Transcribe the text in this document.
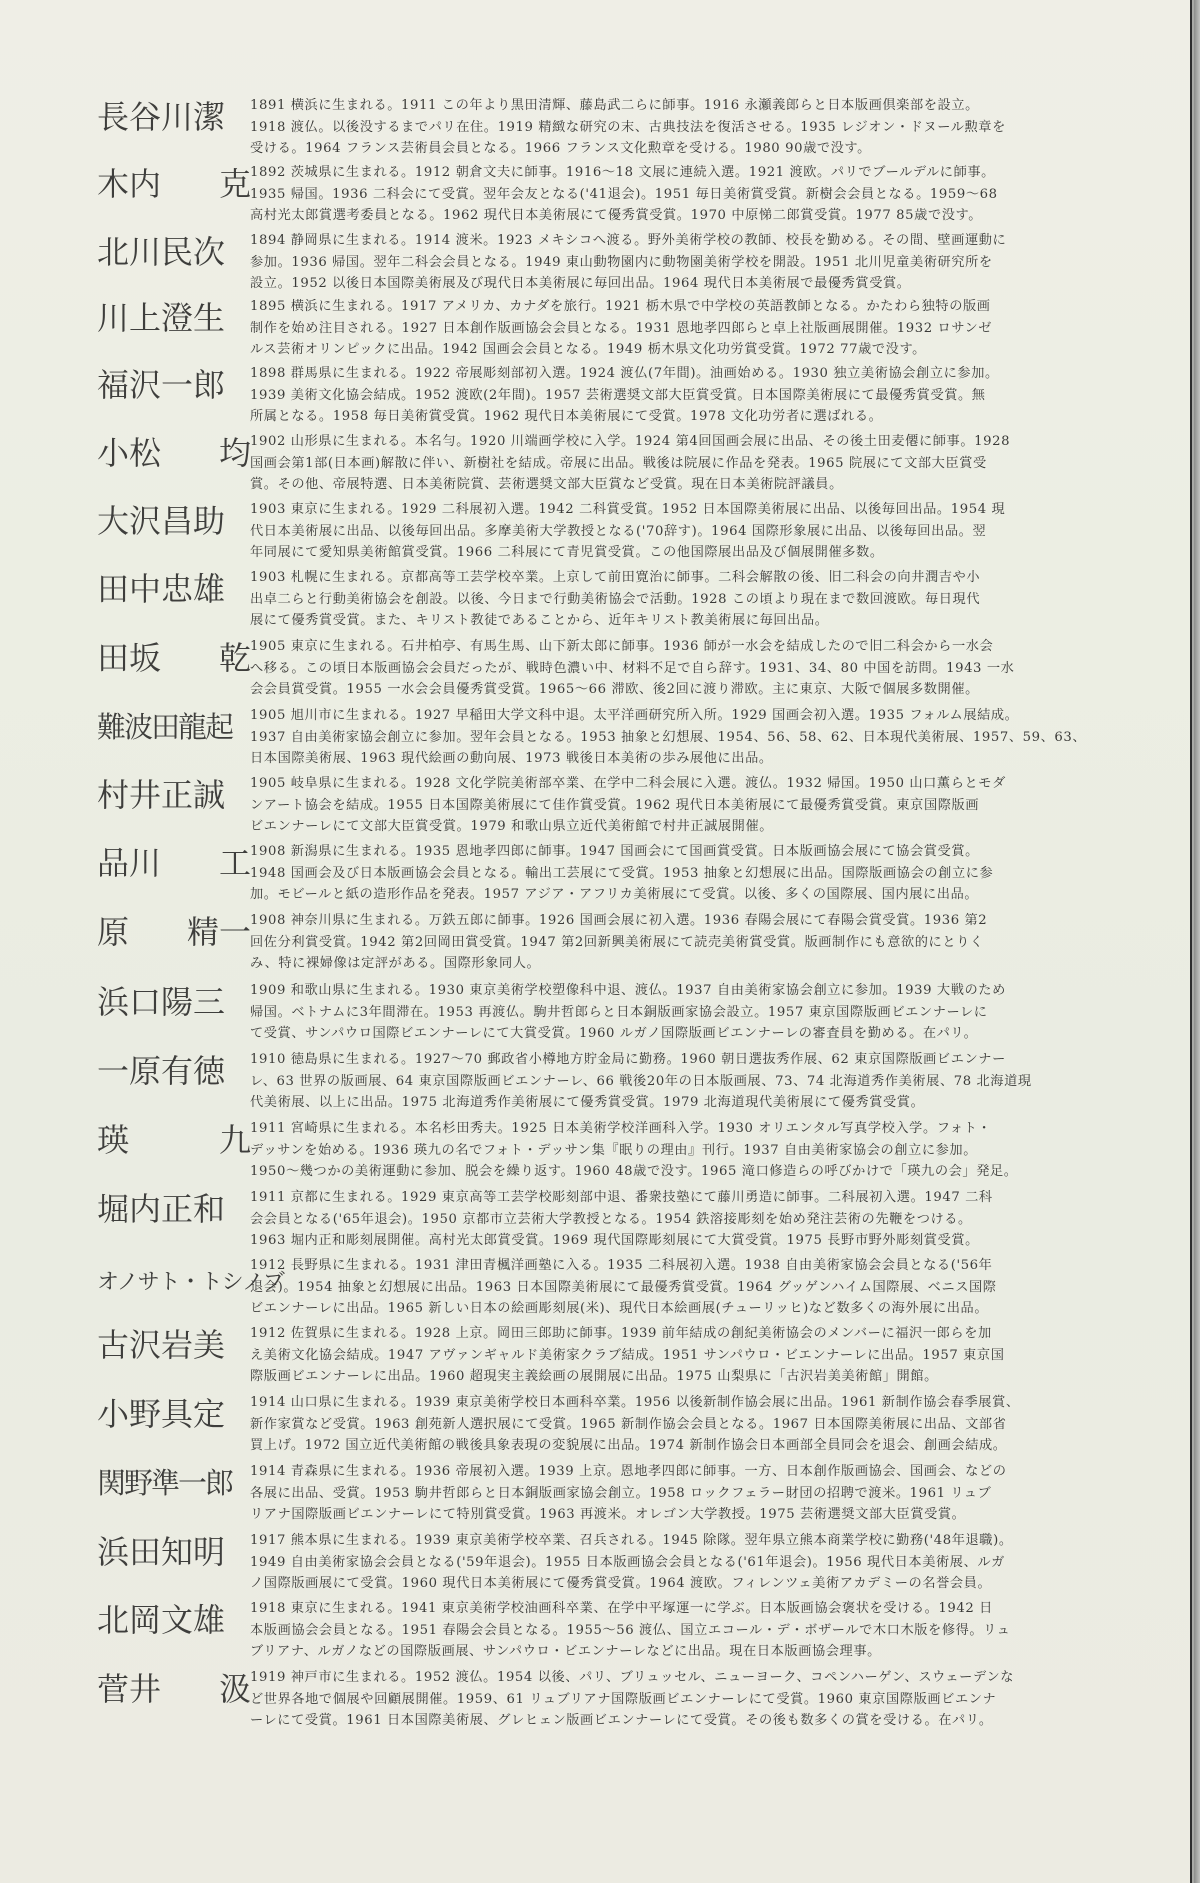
長谷川潔 1891 横浜に生まれる。1911 この年より黒田清輝、藤島武二らに師事。1916 永瀬義郎らと日本版画倶楽部を設立。
1918 渡仏。以後没するまでパリ在住。1919 精緻な研究の末、古典技法を復活させる。1935 レジオン・ドヌール勲章を
受ける。1964 フランス芸術員会員となる。1966 フランス文化勲章を受ける。1980 90歳で没す。
木内 克 1892 茨城県に生まれる。1912 朝倉文夫に師事。1916～18 文展に連続入選。1921 渡欧。パリでブールデルに師事。
1935 帰国。1936 二科会にて受賞。翌年会友となる('41退会)。1951 毎日美術賞受賞。新樹会会員となる。1959～68
高村光太郎賞選考委員となる。1962 現代日本美術展にて優秀賞受賞。1970 中原悌二郎賞受賞。1977 85歳で没す。
北川民次 1894 静岡県に生まれる。1914 渡米。1923 メキシコへ渡る。野外美術学校の教師、校長を勤める。その間、壁画運動に
参加。1936 帰国。翌年二科会会員となる。1949 東山動物園内に動物園美術学校を開設。1951 北川児童美術研究所を
設立。1952 以後日本国際美術展及び現代日本美術展に毎回出品。1964 現代日本美術展で最優秀賞受賞。
川上澄生 1895 横浜に生まれる。1917 アメリカ、カナダを旅行。1921 栃木県で中学校の英語教師となる。かたわら独特の版画
制作を始め注目される。1927 日本創作版画協会会員となる。1931 恩地孝四郎らと卓上社版画展開催。1932 ロサンゼ
ルス芸術オリンピックに出品。1942 国画会会員となる。1949 栃木県文化功労賞受賞。1972 77歳で没す。
福沢一郎 1898 群馬県に生まれる。1922 帝展彫刻部初入選。1924 渡仏(7年間)。油画始める。1930 独立美術協会創立に参加。
1939 美術文化協会結成。1952 渡欧(2年間)。1957 芸術選奨文部大臣賞受賞。日本国際美術展にて最優秀賞受賞。無
所属となる。1958 毎日美術賞受賞。1962 現代日本美術展にて受賞。1978 文化功労者に選ばれる。
小松 均 1902 山形県に生まれる。本名勻。1920 川端画学校に入学。1924 第4回国画会展に出品、その後土田麦僊に師事。1928
国画会第1部(日本画)解散に伴い、新樹社を結成。帝展に出品。戦後は院展に作品を発表。1965 院展にて文部大臣賞受
賞。その他、帝展特選、日本美術院賞、芸術選奨文部大臣賞など受賞。現在日本美術院評議員。
大沢昌助 1903 東京に生まれる。1929 二科展初入選。1942 二科賞受賞。1952 日本国際美術展に出品、以後毎回出品。1954 現
代日本美術展に出品、以後毎回出品。多摩美術大学教授となる('70辞す)。1964 国際形象展に出品、以後毎回出品。翌
年同展にて愛知県美術館賞受賞。1966 二科展にて青児賞受賞。この他国際展出品及び個展開催多数。
田中忠雄 1903 札幌に生まれる。京都高等工芸学校卒業。上京して前田寛治に師事。二科会解散の後、旧二科会の向井潤吉や小
出卓二らと行動美術協会を創設。以後、今日まで行動美術協会で活動。1928 この頃より現在まで数回渡欧。毎日現代
展にて優秀賞受賞。また、キリスト教徒であることから、近年キリスト教美術展に毎回出品。
田坂 乾 1905 東京に生まれる。石井柏亭、有馬生馬、山下新太郎に師事。1936 師が一水会を結成したので旧二科会から一水会
へ移る。この頃日本版画協会会員だったが、戦時色濃い中、材料不足で自ら辞す。1931、34、80 中国を訪問。1943 一水
会会員賞受賞。1955 一水会会員優秀賞受賞。1965～66 滞欧、後2回に渡り滞欧。主に東京、大阪で個展多数開催。
難波田龍起 1905 旭川市に生まれる。1927 早稲田大学文科中退。太平洋画研究所入所。1929 国画会初入選。1935 フォルム展結成。
1937 自由美術家協会創立に参加。翌年会員となる。1953 抽象と幻想展、1954、56、58、62、日本現代美術展、1957、59、63、
日本国際美術展、1963 現代絵画の動向展、1973 戦後日本美術の歩み展他に出品。
村井正誠 1905 岐阜県に生まれる。1928 文化学院美術部卒業、在学中二科会展に入選。渡仏。1932 帰国。1950 山口薫らとモダ
ンアート協会を結成。1955 日本国際美術展にて佳作賞受賞。1962 現代日本美術展にて最優秀賞受賞。東京国際版画
ビエンナーレにて文部大臣賞受賞。1979 和歌山県立近代美術館で村井正誠展開催。
品川 工 1908 新潟県に生まれる。1935 恩地孝四郎に師事。1947 国画会にて国画賞受賞。日本版画協会展にて協会賞受賞。
1948 国画会及び日本版画協会会員となる。輸出工芸展にて受賞。1953 抽象と幻想展に出品。国際版画協会の創立に参
加。モビールと紙の造形作品を発表。1957 アジア・アフリカ美術展にて受賞。以後、多くの国際展、国内展に出品。
原 精一 1908 神奈川県に生まれる。万鉄五郎に師事。1926 国画会展に初入選。1936 春陽会展にて春陽会賞受賞。1936 第2
回佐分利賞受賞。1942 第2回岡田賞受賞。1947 第2回新興美術展にて読売美術賞受賞。版画制作にも意欲的にとりく
み、特に裸婦像は定評がある。国際形象同人。
浜口陽三 1909 和歌山県に生まれる。1930 東京美術学校塑像科中退、渡仏。1937 自由美術家協会創立に参加。1939 大戦のため
帰国。ベトナムに3年間滞在。1953 再渡仏。駒井哲郎らと日本銅版画家協会設立。1957 東京国際版画ビエンナーレに
て受賞、サンパウロ国際ビエンナーレにて大賞受賞。1960 ルガノ国際版画ビエンナーレの審査員を勤める。在パリ。
一原有徳 1910 徳島県に生まれる。1927～70 郵政省小樽地方貯金局に勤務。1960 朝日選抜秀作展、62 東京国際版画ビエンナー
レ、63 世界の版画展、64 東京国際版画ビエンナーレ、66 戦後20年の日本版画展、73、74 北海道秀作美術展、78 北海道現
代美術展、以上に出品。1975 北海道秀作美術展にて優秀賞受賞。1979 北海道現代美術展にて優秀賞受賞。
瑛	九 1911 宮崎県に生まれる。本名杉田秀夫。1925 日本美術学校洋画科入学。1930 オリエンタル写真学校入学。フォト・
デッサンを始める。1936 瑛九の名でフォト・デッサン集『眠りの理由』刊行。1937 自由美術家協会の創立に参加。
1950～幾つかの美術運動に参加、脱会を繰り返す。1960 48歳で没す。1965 滝口修造らの呼びかけで「瑛九の会」発足。
堀内正和 1911 京都に生まれる。1929 東京高等工芸学校彫刻部中退、番衆技塾にて藤川勇造に師事。二科展初入選。1947 二科
会会員となる('65年退会)。1950 京都市立芸術大学教授となる。1954 鉄溶接彫刻を始め発注芸術の先鞭をつける。
1963 堀内正和彫刻展開催。高村光太郎賞受賞。1969 現代国際彫刻展にて大賞受賞。1975 長野市野外彫刻賞受賞。
オノサト・トシノブ
1912 長野県に生まれる。1931 津田青楓洋画塾に入る。1935 二科展初入選。1938 自由美術家協会会員となる('56年
退会)。1954 抽象と幻想展に出品。1963 日本国際美術展にて最優秀賞受賞。1964 グッゲンハイム国際展、ベニス国際
ビエンナーレに出品。1965 新しい日本の絵画彫刻展(米)、現代日本絵画展(チューリッヒ)など数多くの海外展に出品。
古沢岩美 1912 佐賀県に生まれる。1928 上京。岡田三郎助に師事。1939 前年結成の創紀美術協会のメンバーに福沢一郎らを加
え美術文化協会結成。1947 アヴァンギャルド美術家クラブ結成。1951 サンパウロ・ビエンナーレに出品。1957 東京国
際版画ビエンナーレに出品。1960 超現実主義絵画の展開展に出品。1975 山梨県に「古沢岩美美術館」開館。
小野具定 1914 山口県に生まれる。1939 東京美術学校日本画科卒業。1956 以後新制作協会展に出品。1961 新制作協会春季展賞、
新作家賞など受賞。1963 創苑新人選択展にて受賞。1965 新制作協会会員となる。1967 日本国際美術展に出品、文部省
買上げ。1972 国立近代美術館の戦後具象表現の変貌展に出品。1974 新制作協会日本画部全員同会を退会、創画会結成。
関野準一郎 1914 青森県に生まれる。1936 帝展初入選。1939 上京。恩地孝四郎に師事。一方、日本創作版画協会、国画会、などの
各展に出品、受賞。1953 駒井哲郎らと日本銅版画家協会創立。1958 ロックフェラー財団の招聘で渡米。1961 リュブ
リアナ国際版画ビエンナーレにて特別賞受賞。1963 再渡米。オレゴン大学教授。1975 芸術選奨文部大臣賞受賞。
浜田知明 1917 熊本県に生まれる。1939 東京美術学校卒業、召兵される。1945 除隊。翌年県立熊本商業学校に勤務('48年退職)。
1949 自由美術家協会会員となる('59年退会)。1955 日本版画協会会員となる('61年退会)。1956 現代日本美術展、ルガ
ノ国際版画展にて受賞。1960 現代日本美術展にて優秀賞受賞。1964 渡欧。フィレンツェ美術アカデミーの名誉会員。
北岡文雄 1918 東京に生まれる。1941 東京美術学校油画科卒業、在学中平塚運一に学ぶ。日本版画協会褒状を受ける。1942 日
本版画協会会員となる。1951 春陽会会員となる。1955～56 渡仏、国立エコール・デ・ボザールで木口木版を修得。リュ
ブリアナ、ルガノなどの国際版画展、サンパウロ・ビエンナーレなどに出品。現在日本版画協会理事。
菅井 汲 1919 神戸市に生まれる。1952 渡仏。1954 以後、パリ、ブリュッセル、ニューヨーク、コペンハーゲン、スウェーデンな
ど世界各地で個展や回顧展開催。1959、61 リュブリアナ国際版画ビエンナーレにて受賞。1960 東京国際版画ビエンナ
ーレにて受賞。1961 日本国際美術展、グレヒェン版画ビエンナーレにて受賞。その後も数多くの賞を受ける。在パリ。
